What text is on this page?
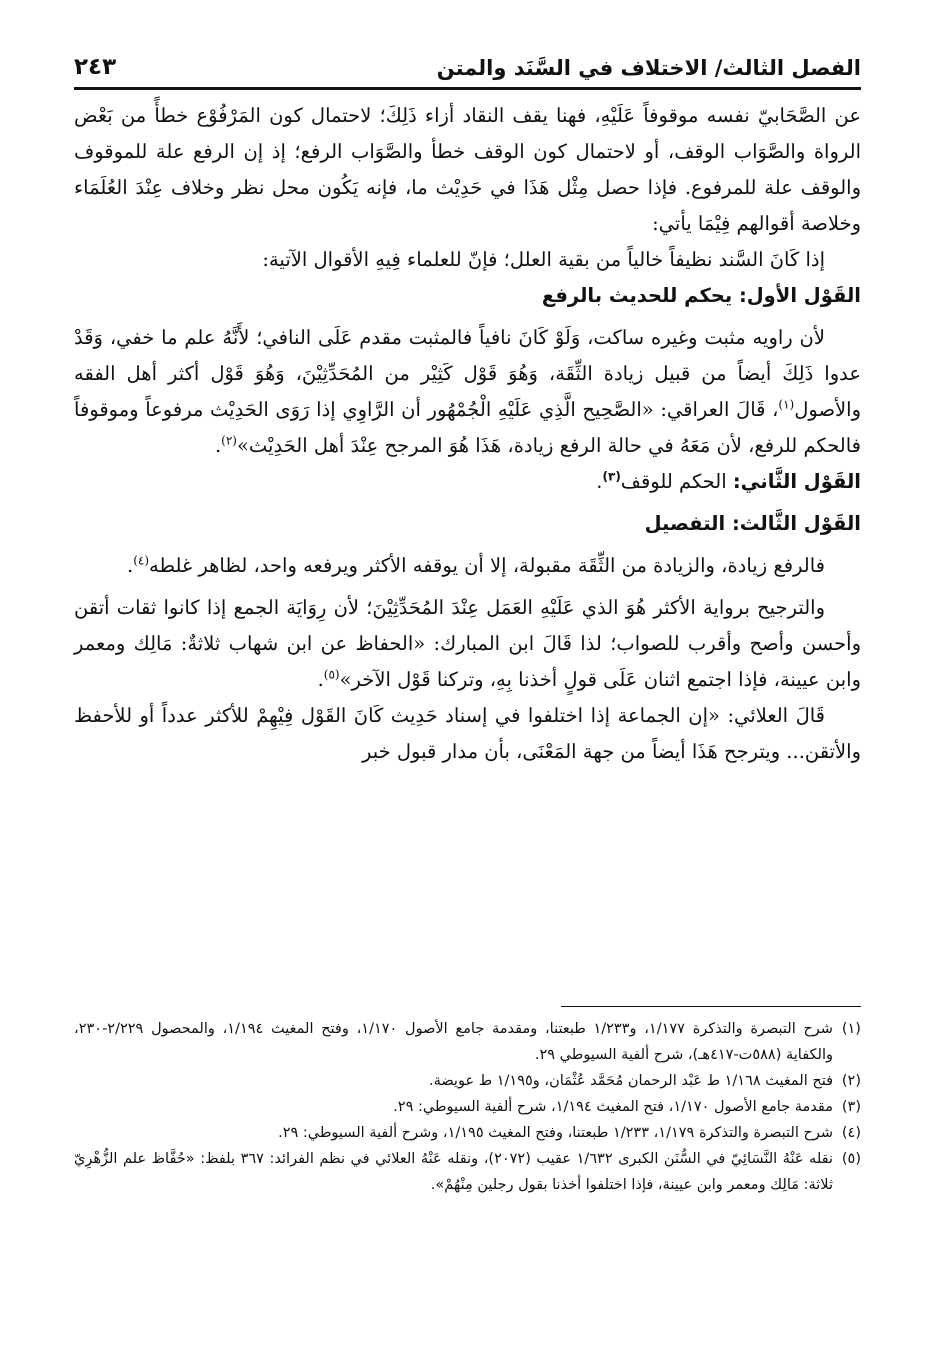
الفصل الثالث/ الاختلاف في السَّنَد والمتن
٢٤٣

عن الصَّحَابيّ نفسه موقوفاً عَلَيْهِ، فهنا يقف النقاد أزاء ذَلِكَ؛ لاحتمال كون المَرْفُوْع خطأً من بَعْض الرواة والصَّوَاب الوقف، أو لاحتمال كون الوقف خطأ والصَّوَاب الرفع؛ إذ إن الرفع علة للموقوف والوقف علة للمرفوع. فإذا حصل مِثْل هَذَا في حَدِيْث ما، فإنه يَكُون محل نظر وخلاف عِنْدَ العُلَمَاء وخلاصة أقوالهم فِيْمَا يأتي:

إذا كَانَ السَّند نظيفاً خالياً من بقية العلل؛ فإنّ للعلماء فِيهِ الأقوال الآتية:

القَوْل الأول: يحكم للحديث بالرفع

لأن راويه مثبت وغيره ساكت، وَلَوْ كَانَ نافياً فالمثبت مقدم عَلَى النافي؛ لأَنَّهُ علم ما خفي، وَقَدْ عدوا ذَلِكَ أيضاً من قبيل زيادة الثِّقَة، وَهُوَ قَوْل كَثِيْر من المُحَدِّثِيْنَ، وَهُوَ قَوْل أكثر أهل الفقه والأصول$^{(١)}$، قَالَ العراقي: «الصَّحِيح الَّذِي عَلَيْهِ الْجُمْهُور أن الرَّاوِي إذا رَوَى الحَدِيْث مرفوعاً وموقوفاً فالحكم للرفع، لأن مَعَهُ في حالة الرفع زيادة، هَذَا هُوَ المرجح عِنْدَ أهل الحَدِيْث»$^{(٢)}$.

القَوْل الثَّاني: الحكم للوقف$^{(٣)}$.

القَوْل الثَّالث: التفصيل

فالرفع زيادة، والزيادة من الثِّقَة مقبولة، إلا أن يوقفه الأكثر ويرفعه واحد، لظاهر غلطه$^{(٤)}$.

والترجيح برواية الأكثر هُوَ الذي عَلَيْهِ العَمَل عِنْدَ المُحَدِّثِيْنَ؛ لأن رِوَايَة الجمع إذا كانوا ثقات أتقن وأحسن وأصح وأقرب للصواب؛ لذا قَالَ ابن المبارك: «الحفاظ عن ابن شهاب ثلاثةٌ: مَالِك ومعمر وابن عيينة، فإذا اجتمع اثنان عَلَى قولٍ أخذنا بِهِ، وتركنا قَوْل الآخر»$^{(٥)}$.

قَالَ العلائي: «إن الجماعة إذا اختلفوا في إسناد حَدِيث كَانَ القَوْل فِيْهِمْ للأكثر عدداً أو للأحفظ والأتقن... ويترجح هَذَا أيضاً من جهة المَعْنَى، بأن مدار قبول خبر

(١)شرح التبصرة والتذكرة ١/١٧٧، و١/٢٣٣ طبعتنا، ومقدمة جامع الأصول ١/١٧٠، وفتح المغيث ١/١٩٤، والمحصول ٢/٢٢٩-٢٣٠، والكفاية (٥٨٨ت-٤١٧هـ)، شرح ألفية السيوطي ٢٩.

(٢)فتح المغيث ١/١٦٨ ط عَبْد الرحمان مُحَمَّد عُثْمَان، و١/١٩٥ ط عويضة.

(٣)مقدمة جامع الأصول ١/١٧٠، فتح المغيث ١/١٩٤، شرح ألفية السيوطي: ٢٩.

(٤)شرح التبصرة والتذكرة ١/١٧٩، ١/٢٣٣ طبعتنا، وفتح المغيث ١/١٩٥، وشرح ألفية السيوطي: ٢٩.

(٥)نقله عَنْهُ النَّسَائِيّ في السُّنَن الكبرى ١/٦٣٢ عقيب (٢٠٧٢)، ونقله عَنْهُ العلائي في نظم الفرائد: ٣٦٧ بلفظ: «حُفَّاظ علم الزُّهْرِيّ ثلاثة: مَالِك ومعمر وابن عيينة، فإذا اختلفوا أخذنا بقول رجلين مِنْهُمْ».
